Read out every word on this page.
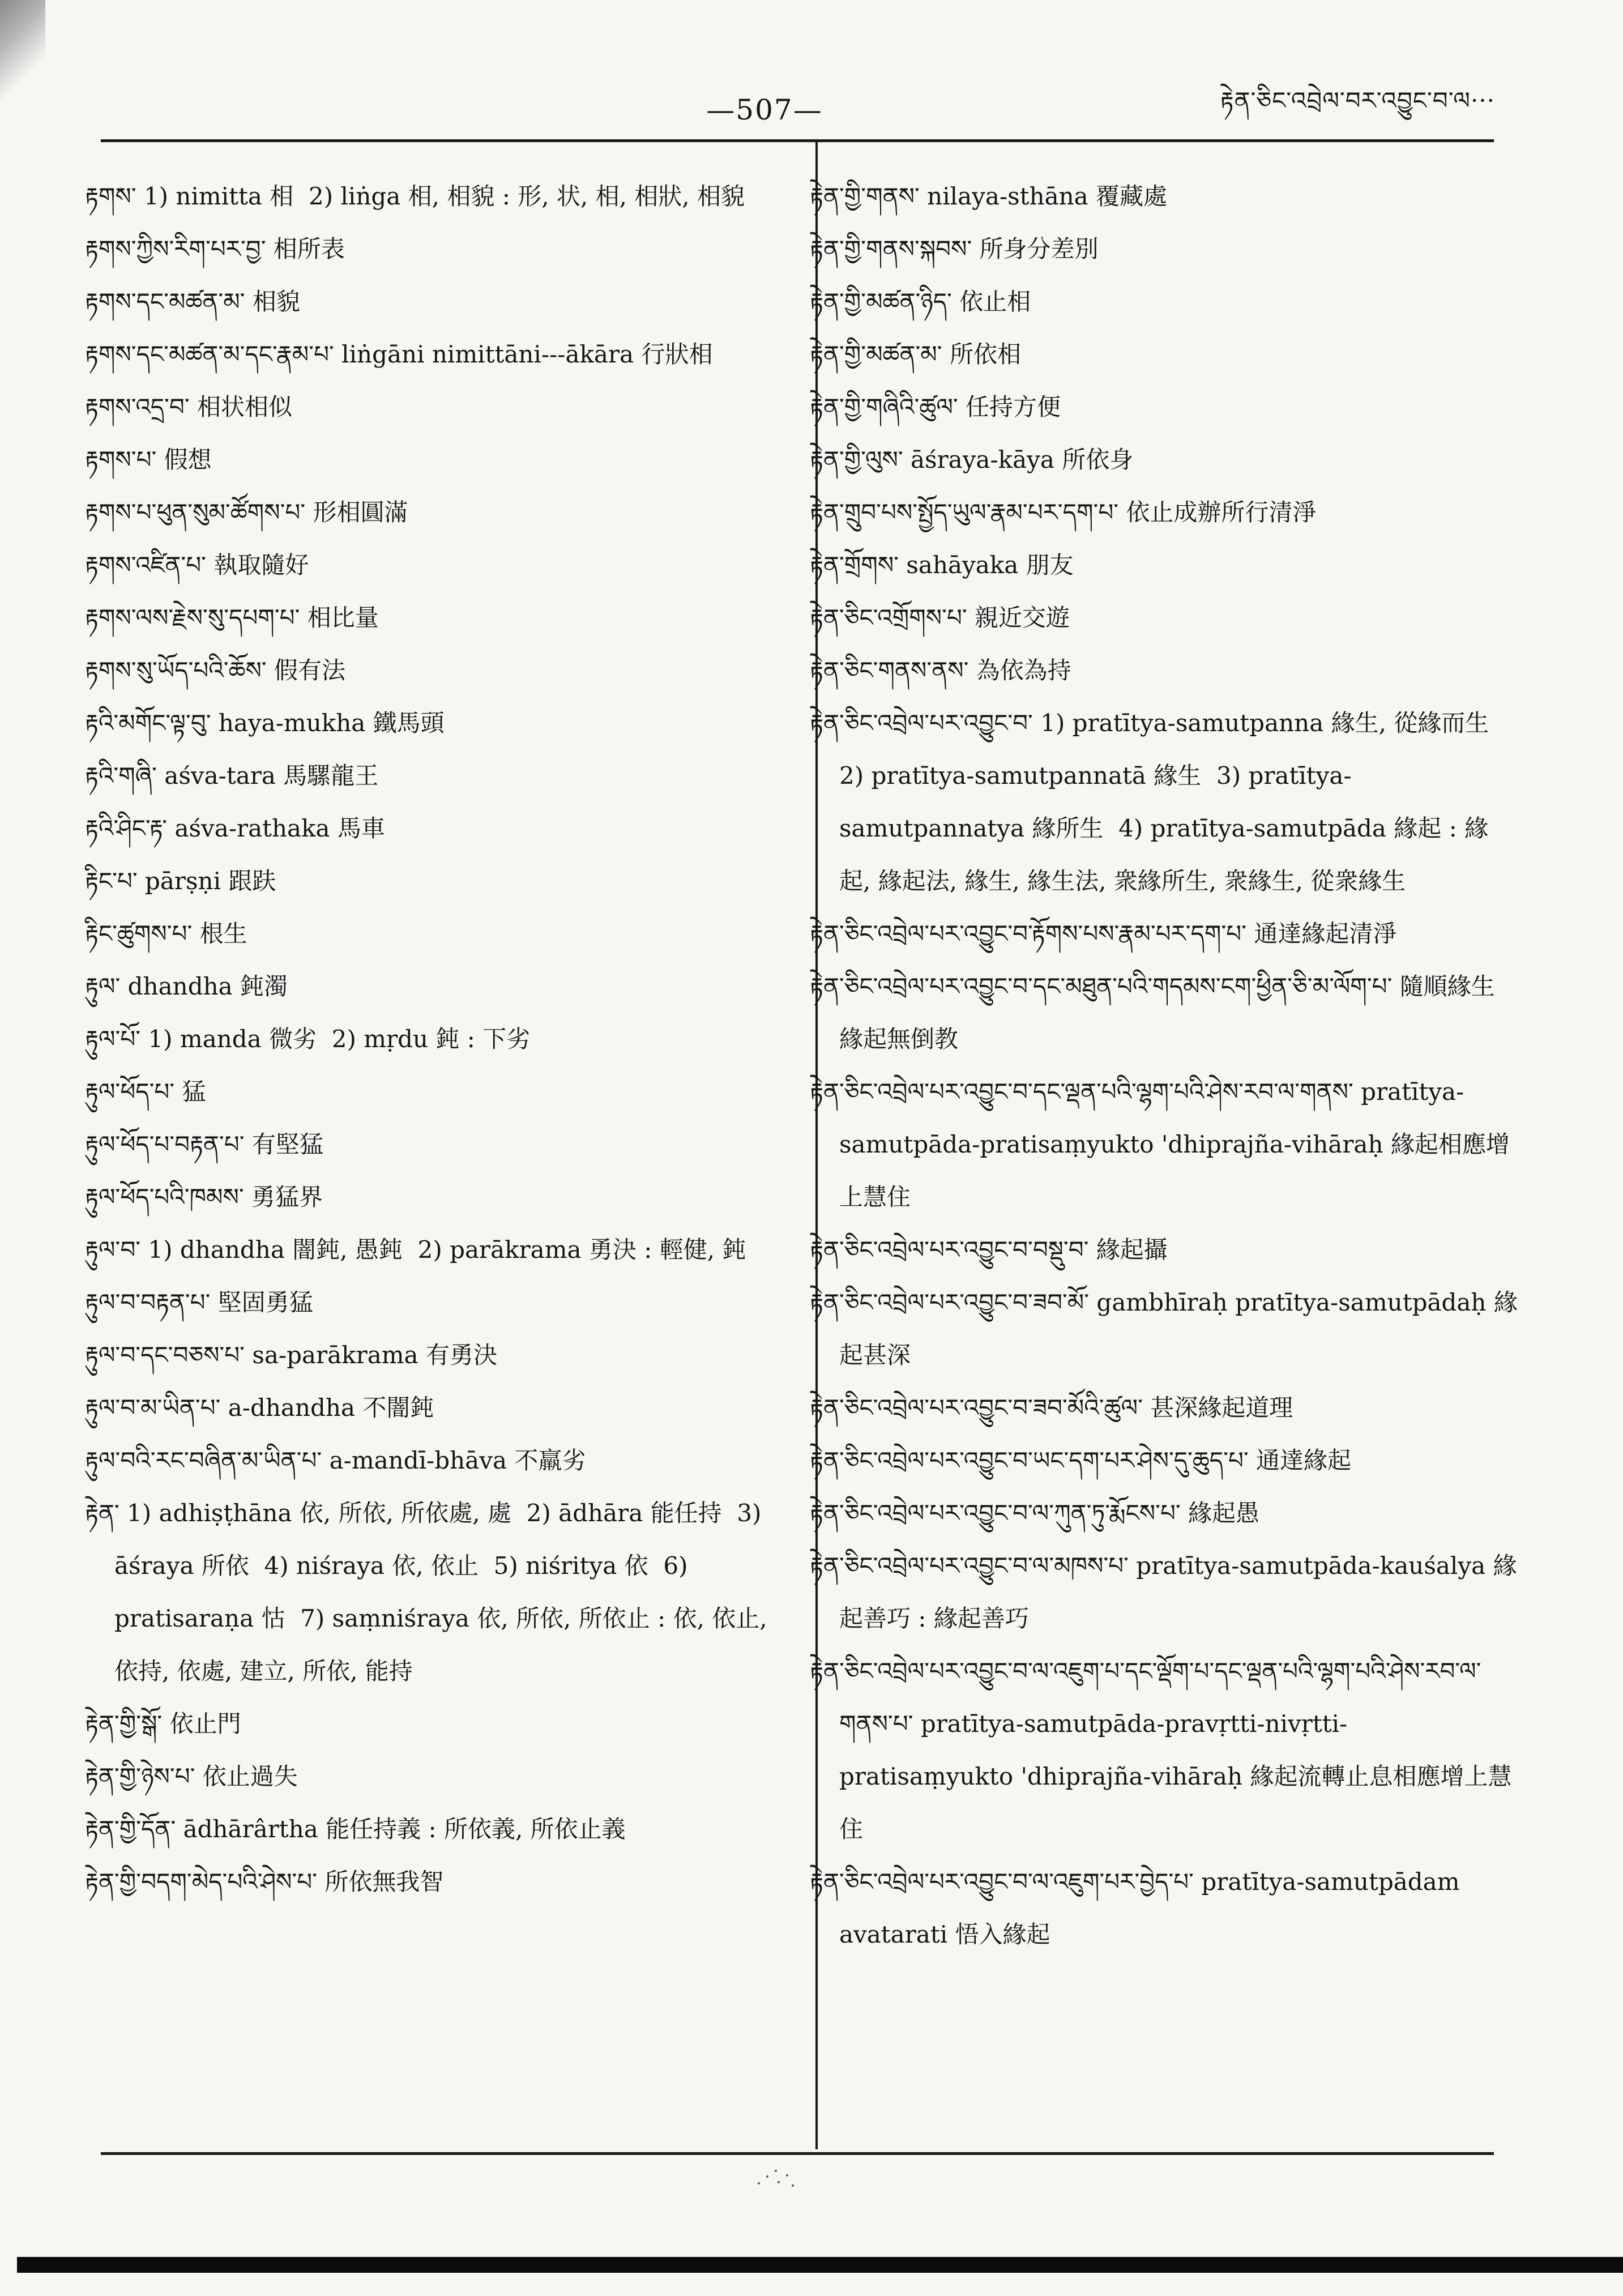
—507—	རྟེན་ཅིང་འབྲེལ་བར་འབྱུང་བ་ལ···
རྟགས་ 1) nimitta 相  2) liṅga 相, 相貌 : 形, 状, 相, 相狀, 相貌
རྟགས་ཀྱིས་རིག་པར་བྱ་ 相所表
རྟགས་དང་མཚན་མ་ 相貌
རྟགས་དང་མཚན་མ་དང་རྣམ་པ་ liṅgāni nimittāni---ākāra 行狀相
རྟགས་འདྲ་བ་ 相状相似
རྟགས་པ་ 假想
རྟགས་པ་ཕུན་སུམ་ཚོགས་པ་ 形相圓滿
རྟགས་འཛིན་པ་ 執取隨好
རྟགས་ལས་རྗེས་སུ་དཔག་པ་ 相比量
རྟགས་སུ་ཡོད་པའི་ཆོས་ 假有法
རྟའི་མགོང་ལྟ་བུ་ haya-mukha 鐵馬頭
རྟའི་གཞི་ aśva-tara 馬騾龍王
རྟའི་ཤིང་རྟ་ aśva-rathaka 馬車
རྟིང་པ་ pārṣṇi 跟趺
རྟིང་ཚུགས་པ་ 根生
རྟུལ་ dhandha 鈍濁
རྟུལ་པོ་ 1) manda 微劣  2) mṛdu 鈍 : 下劣
རྟུལ་ཕོད་པ་ 猛
རྟུལ་ཕོད་པ་བརྟན་པ་ 有堅猛
རྟུལ་ཕོད་པའི་ཁམས་ 勇猛界
རྟུལ་བ་ 1) dhandha 闇鈍, 愚鈍  2) parākrama 勇決 : 輕健, 鈍
རྟུལ་བ་བརྟན་པ་ 堅固勇猛
རྟུལ་བ་དང་བཅས་པ་ sa-parākrama 有勇決
རྟུལ་བ་མ་ཡིན་པ་ a-dhandha 不闇鈍
རྟུལ་བའི་རང་བཞིན་མ་ཡིན་པ་ a-mandī-bhāva 不羸劣
རྟེན་ 1) adhiṣṭhāna 依, 所依, 所依處, 處  2) ādhāra 能任持  3) āśraya 所依  4) niśraya 依, 依止  5) niśritya 依  6) pratisaraṇa 怙  7) saṃniśraya 依, 所依, 所依止 : 依, 依止, 依持, 依處, 建立, 所依, 能持
རྟེན་གྱི་སྒོ་ 依止門
རྟེན་གྱི་ཉེས་པ་ 依止過失
རྟེན་གྱི་དོན་ ādhārârtha 能任持義 : 所依義, 所依止義
རྟེན་གྱི་བདག་མེད་པའི་ཤེས་པ་ 所依無我智
རྟེན་གྱི་གནས་ nilaya-sthāna 覆藏處
རྟེན་གྱི་གནས་སྐབས་ 所身分差別
རྟེན་གྱི་མཚན་ཉིད་ 依止相
རྟེན་གྱི་མཚན་མ་ 所依相
རྟེན་གྱི་གཞིའི་ཚུལ་ 任持方便
རྟེན་གྱི་ལུས་ āśraya-kāya 所依身
རྟེན་གྲུབ་པས་སྤྱོད་ཡུལ་རྣམ་པར་དག་པ་ 依止成辦所行清淨
རྟེན་གྲོགས་ sahāyaka 朋友
རྟེན་ཅིང་འགྲོགས་པ་ 親近交遊
རྟེན་ཅིང་གནས་ནས་ 為依為持
རྟེན་ཅིང་འབྲེལ་པར་འབྱུང་བ་ 1) pratītya-samutpanna 緣生, 從緣而生  2) pratītya-samutpannatā 緣生  3) pratītya-samutpannatya 緣所生  4) pratītya-samutpāda 緣起 : 緣起, 緣起法, 緣生, 緣生法, 衆緣所生, 衆緣生, 從衆緣生
རྟེན་ཅིང་འབྲེལ་པར་འབྱུང་བ་རྟོགས་པས་རྣམ་པར་དག་པ་ 通達緣起清淨
རྟེན་ཅིང་འབྲེལ་པར་འབྱུང་བ་དང་མཐུན་པའི་གདམས་ངག་ཕྱིན་ཅི་མ་ལོག་པ་ 隨順緣生緣起無倒教
རྟེན་ཅིང་འབྲེལ་པར་འབྱུང་བ་དང་ལྡན་པའི་ལྷག་པའི་ཤེས་རབ་ལ་གནས་ pratītya-samutpāda-pratisaṃyukto 'dhiprajña-vihāraḥ 緣起相應增上慧住
རྟེན་ཅིང་འབྲེལ་པར་འབྱུང་བ་བསྡུ་བ་ 緣起攝
རྟེན་ཅིང་འབྲེལ་པར་འབྱུང་བ་ཟབ་མོ་ gambhīraḥ pratītya-samutpādaḥ 緣起甚深
རྟེན་ཅིང་འབྲེལ་པར་འབྱུང་བ་ཟབ་མོའི་ཚུལ་ 甚深緣起道理
རྟེན་ཅིང་འབྲེལ་པར་འབྱུང་བ་ཡང་དག་པར་ཤེས་དུ་ཆུད་པ་ 通達緣起
རྟེན་ཅིང་འབྲེལ་པར་འབྱུང་བ་ལ་ཀུན་ཏུ་རྨོངས་པ་ 緣起愚
རྟེན་ཅིང་འབྲེལ་པར་འབྱུང་བ་ལ་མཁས་པ་ pratītya-samutpāda-kauśalya 緣起善巧 : 緣起善巧
རྟེན་ཅིང་འབྲེལ་པར་འབྱུང་བ་ལ་འཇུག་པ་དང་ལྡོག་པ་དང་ལྡན་པའི་ལྷག་པའི་ཤེས་རབ་ལ་གནས་པ་ pratītya-samutpāda-pravṛtti-nivṛtti-pratisaṃyukto 'dhiprajña-vihāraḥ 緣起流轉止息相應增上慧住
རྟེན་ཅིང་འབྲེལ་པར་འབྱུང་བ་ལ་འཇུག་པར་བྱེད་པ་ pratītya-samutpādam avatarati 悟入緣起
